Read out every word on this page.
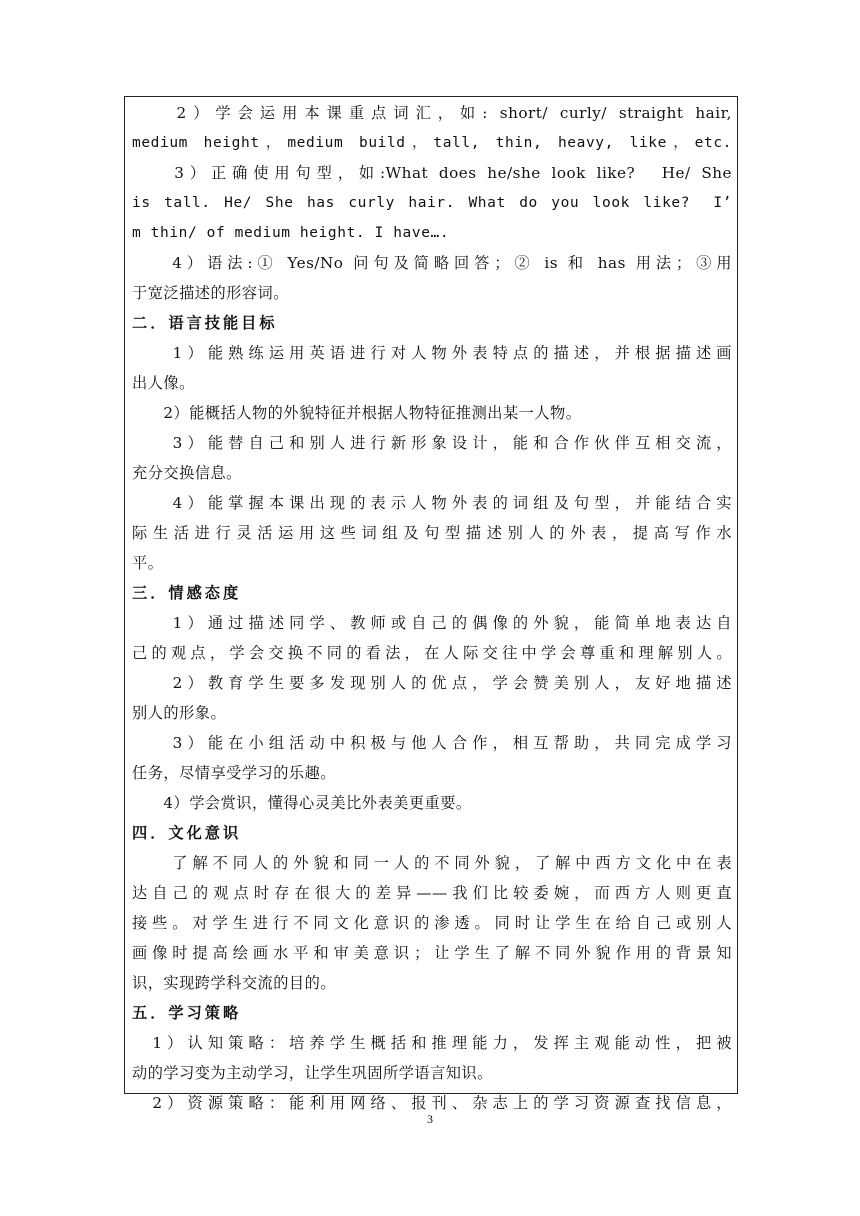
　　2）学会运用本课重点词汇，如: short/ curly/ straight hair,
medium height，medium build，tall, thin, heavy, like，etc.
　　3）正确使用句型，如:What does he/she look like?　He/ She
is tall. He/ She has curly hair. What do you look like?　I’
m thin/ of medium height. I have….
　　4）语法:① Yes/No 问句及简略回答；② is 和 has 用法；③用
于宽泛描述的形容词。
二．语言技能目标
　　1）能熟练运用英语进行对人物外表特点的描述，并根据描述画
出人像。
　　2）能概括人物的外貌特征并根据人物特征推测出某一人物。
　　3）能替自己和别人进行新形象设计，能和合作伙伴互相交流，
充分交换信息。
　　4）能掌握本课出现的表示人物外表的词组及句型，并能结合实
际生活进行灵活运用这些词组及句型描述别人的外表，提高写作水
平。
三．情感态度
　　1）通过描述同学、教师或自己的偶像的外貌，能简单地表达自
己的观点，学会交换不同的看法，在人际交往中学会尊重和理解别人。
　　2）教育学生要多发现别人的优点，学会赞美别人，友好地描述
别人的形象。
　　3）能在小组活动中积极与他人合作，相互帮助，共同完成学习
任务，尽情享受学习的乐趣。
　　4）学会赏识，懂得心灵美比外表美更重要。
四．文化意识
　　了解不同人的外貌和同一人的不同外貌，了解中西方文化中在表
达自己的观点时存在很大的差异——我们比较委婉，而西方人则更直
接些。对学生进行不同文化意识的渗透。同时让学生在给自己或别人
画像时提高绘画水平和审美意识；让学生了解不同外貌作用的背景知
识，实现跨学科交流的目的。
五．学习策略
　1）认知策略：培养学生概括和推理能力，发挥主观能动性，把被
动的学习变为主动学习，让学生巩固所学语言知识。
　2）资源策略：能利用网络、报刊、杂志上的学习资源查找信息，
3
